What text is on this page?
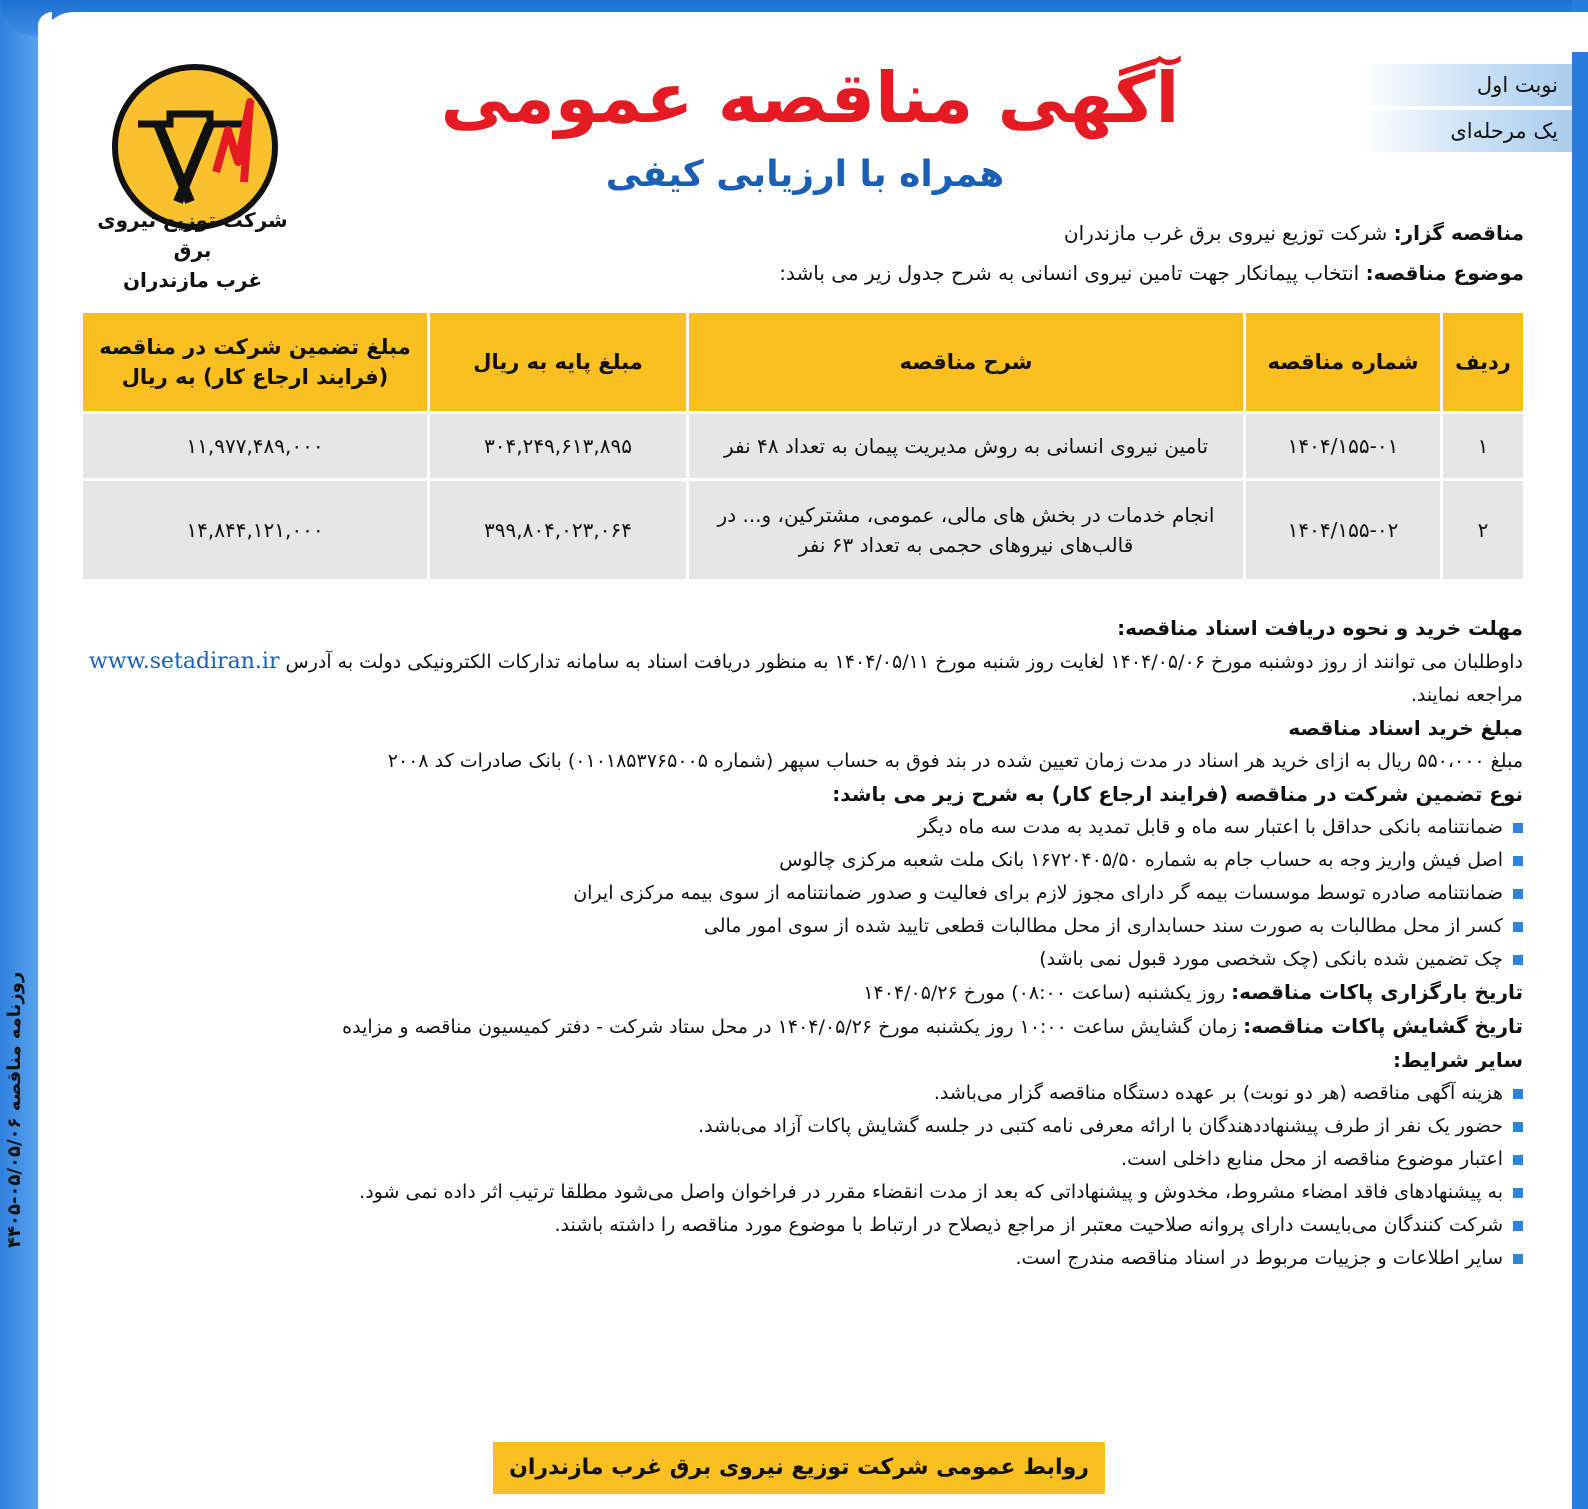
روزنامه مناقصه ۰۵/۰۵/۰۶-۴۴۰۵
شرکت توزیع نیروی برق
غرب مازندران
نوبت اول
یک مرحله‌ای
آگهی مناقصه عمومی
همراه با ارزیابی کیفی
مناقصه گزار: شرکت توزیع نیروی برق غرب مازندران
موضوع مناقصه: انتخاب پیمانکار جهت تامین نیروی انسانی به شرح جدول زیر می باشد:
ردیف	شماره مناقصه	شرح مناقصه	مبلغ پایه به ریال	مبلغ تضمین شرکت در مناقصه (فرایند ارجاع کار) به ریال
۱	۱۴۰۴/۱۵۵-۰۱	تامین نیروی انسانی به روش مدیریت پیمان به تعداد ۴۸ نفر	۳۰۴,۲۴۹,۶۱۳,۸۹۵	۱۱,۹۷۷,۴۸۹,۰۰۰
۲	۱۴۰۴/۱۵۵-۰۲	انجام خدمات در بخش های مالی، عمومی، مشترکین، و... در قالب‌های نیروهای حجمی به تعداد ۶۳ نفر	۳۹۹,۸۰۴,۰۲۳,۰۶۴	۱۴,۸۴۴,۱۲۱,۰۰۰
مهلت خرید و نحوه دریافت اسناد مناقصه:
داوطلبان می توانند از روز دوشنبه مورخ ۱۴۰۴/۰۵/۰۶ لغایت روز شنبه مورخ ۱۴۰۴/۰۵/۱۱ به منظور دریافت اسناد به سامانه تدارکات الکترونیکی دولت به آدرس www.setadiran.ir مراجعه نمایند.
مبلغ خرید اسناد مناقصه
مبلغ ۵۵۰،۰۰۰ ریال به ازای خرید هر اسناد در مدت زمان تعیین شده در بند فوق به حساب سپهر (شماره ۰۱۰۱۸۵۳۷۶۵۰۰۵) بانک صادرات کد ۲۰۰۸
نوع تضمین شرکت در مناقصه (فرایند ارجاع کار) به شرح زیر می باشد:
ضمانتنامه بانکی حداقل با اعتبار سه ماه و قابل تمدید به مدت سه ماه دیگر
اصل فیش واریز وجه به حساب جام به شماره ۱۶۷۲۰۴۰۵/۵۰ بانک ملت شعبه مرکزی چالوس
ضمانتنامه صادره توسط موسسات بیمه گر دارای مجوز لازم برای فعالیت و صدور ضمانتنامه از سوی بیمه مرکزی ایران
کسر از محل مطالبات به صورت سند حسابداری از محل مطالبات قطعی تایید شده از سوی امور مالی
چک تضمین شده بانکی (چک شخصی مورد قبول نمی باشد)
تاریخ بارگزاری پاکات مناقصه: روز یکشنبه (ساعت ۰۸:۰۰) مورخ ۱۴۰۴/۰۵/۲۶
تاریخ گشایش پاکات مناقصه: زمان گشایش ساعت ۱۰:۰۰ روز یکشنبه مورخ ۱۴۰۴/۰۵/۲۶ در محل ستاد شرکت - دفتر کمیسیون مناقصه و مزایده
سایر شرایط:
هزینه آگهی مناقصه (هر دو نوبت) بر عهده دستگاه مناقصه گزار می‌باشد.
حضور یک نفر از طرف پیشنهاددهندگان با ارائه معرفی نامه کتبی در جلسه گشایش پاکات آزاد می‌باشد.
اعتبار موضوع مناقصه از محل منابع داخلی است.
به پیشنهادهای فاقد امضاء مشروط، مخدوش و پیشنهاداتی که بعد از مدت انقضاء مقرر در فراخوان واصل می‌شود مطلقا ترتیب اثر داده نمی شود.
شرکت کنندگان می‌بایست دارای پروانه صلاحیت معتبر از مراجع ذیصلاح در ارتباط با موضوع مورد مناقصه را داشته باشند.
سایر اطلاعات و جزییات مربوط در اسناد مناقصه مندرج است.
روابط عمومی شرکت توزیع نیروی برق غرب مازندران
